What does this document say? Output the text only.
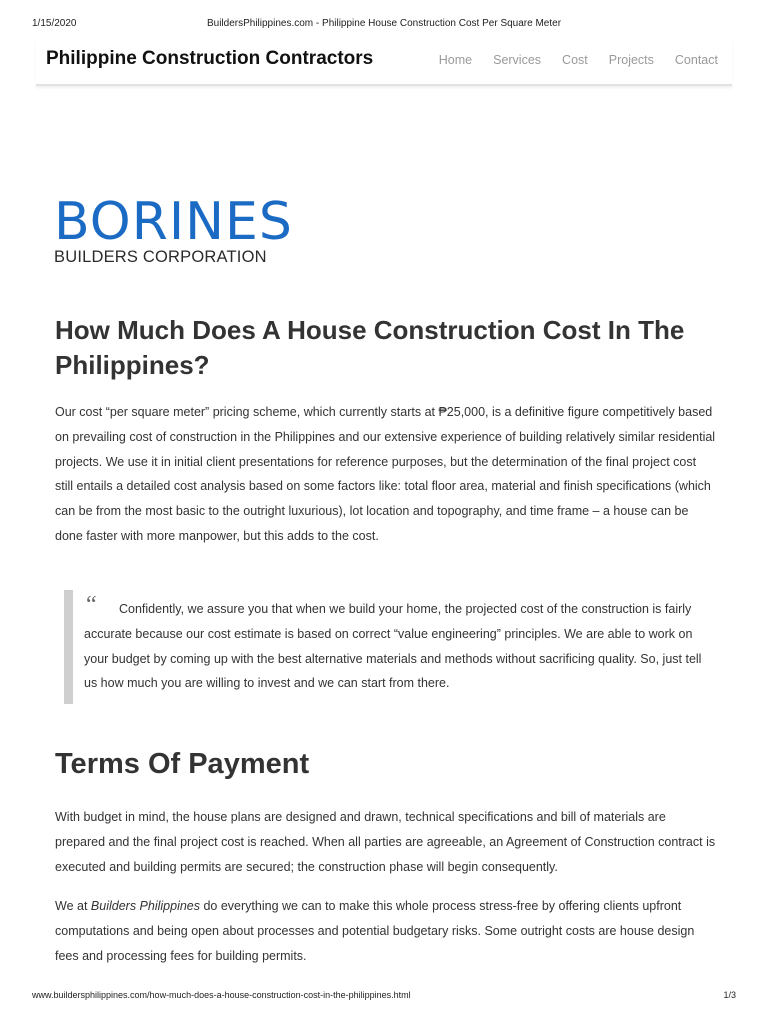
1/15/2020	BuildersPhilippines.com - Philippine House Construction Cost Per Square Meter
Philippine Construction Contractors	Home Services Cost Projects Contact
BORINES
BUILDERS CORPORATION
How Much Does A House Construction Cost In The Philippines?

Our cost “per square meter” pricing scheme, which currently starts at ₱25,000, is a definitive figure competitively based on prevailing cost of construction in the Philippines and our extensive experience of building relatively similar residential projects. We use it in initial client presentations for reference purposes, but the determination of the final project cost still entails a detailed cost analysis based on some factors like: total floor area, material and finish specifications (which can be from the most basic to the outright luxurious), lot location and topography, and time frame – a house can be done faster with more manpower, but this adds to the cost.

“	Confidently, we assure you that when we build your home, the projected cost of the construction is fairly accurate because our cost estimate is based on correct “value engineering” principles. We are able to work on your budget by coming up with the best alternative materials and methods without sacrificing quality. So, just tell us how much you are willing to invest and we can start from there.

Terms Of Payment

With budget in mind, the house plans are designed and drawn, technical specifications and bill of materials are prepared and the final project cost is reached. When all parties are agreeable, an Agreement of Construction contract is executed and building permits are secured; the construction phase will begin consequently.

We at Builders Philippines do everything we can to make this whole process stress-free by offering clients upfront computations and being open about processes and potential budgetary risks. Some outright costs are house design fees and processing fees for building permits.

www.buildersphilippines.com/how-much-does-a-house-construction-cost-in-the-philippines.html	1/3
